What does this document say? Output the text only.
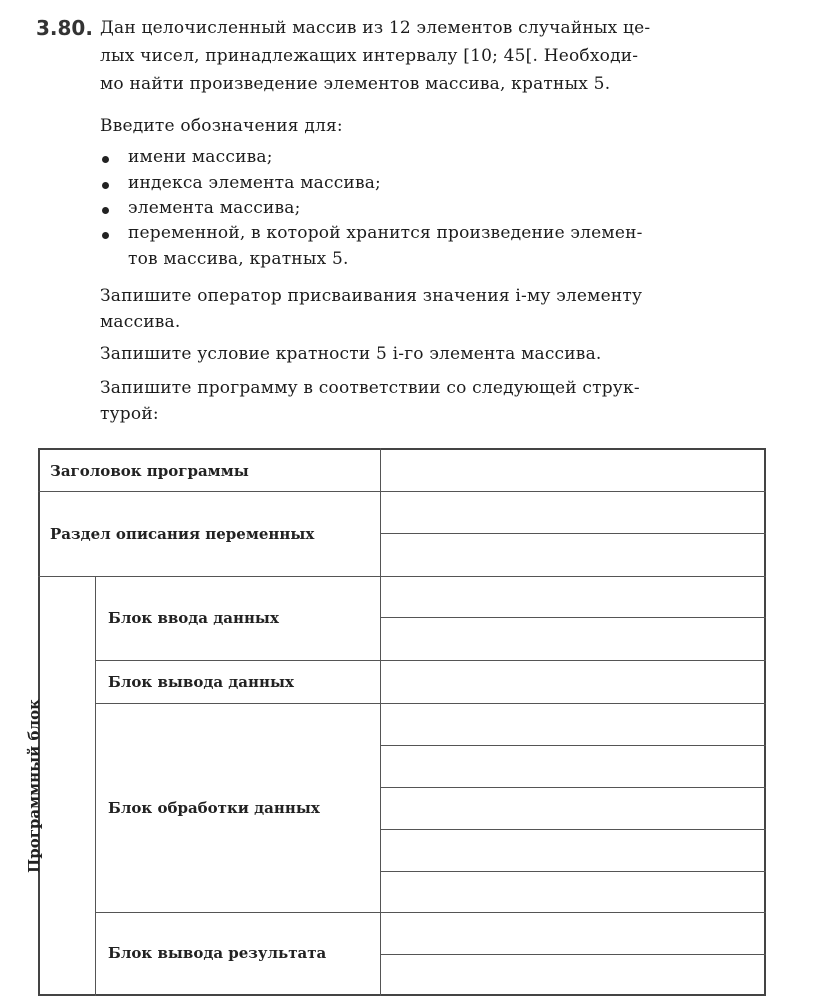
3.80. Дан целочисленный массив из 12 элементов случайных це-
лых чисел, принадлежащих интервалу [10; 45[. Необходи-
мо найти произведение элементов массива, кратных 5.
Введите обозначения для:
имени массива;
индекса элемента массива;
элемента массива;
переменной, в которой хранится произведение элемен-
тов массива, кратных 5.
Запишите оператор присваивания значения i-му элементу
массива.
Запишите условие кратности 5 i-го элемента массива.
Запишите программу в соответствии со следующей струк-
турой:
Заголовок программы
Раздел описания переменных
Программный блок
Блок ввода данных
Блок вывода данных
Блок обработки данных
Блок вывода результата
